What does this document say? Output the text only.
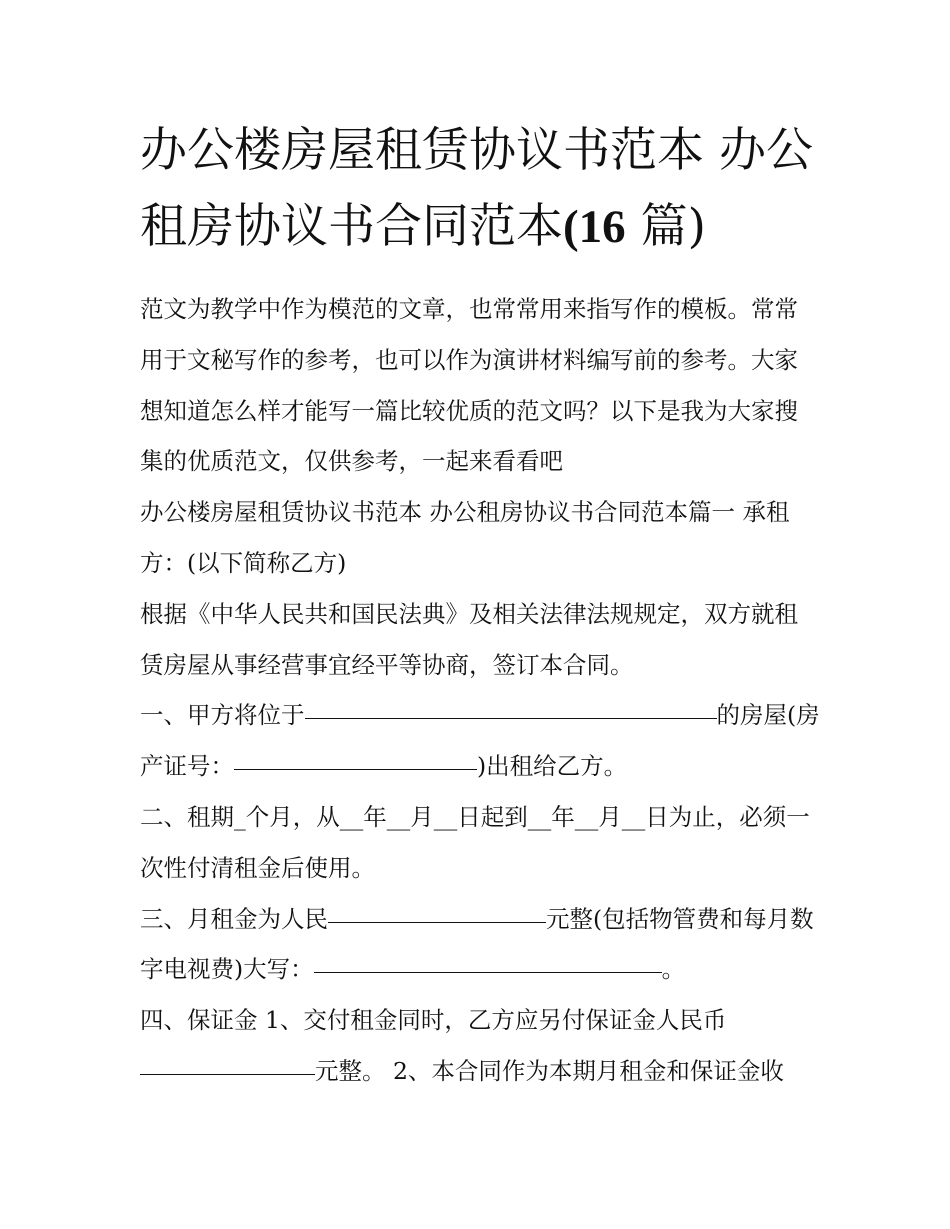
办公楼房屋租赁协议书范本 办公租房协议书合同范本(16 篇)

范文为教学中作为模范的文章，也常常用来指写作的模板。常常用于文秘写作的参考，也可以作为演讲材料编写前的参考。大家想知道怎么样才能写一篇比较优质的范文吗？以下是我为大家搜集的优质范文，仅供参考，一起来看看吧

办公楼房屋租赁协议书范本 办公租房协议书合同范本篇一 承租方：(以下简称乙方)

根据《中华人民共和国民法典》及相关法律法规规定，双方就租赁房屋从事经营事宜经平等协商，签订本合同。

一、甲方将位于	的房屋(房产证号：	)出租给乙方。

二、租期_个月，从__年__月__日起到__年__月__日为止，必须一次性付清租金后使用。

三、月租金为人民	元整(包括物管费和每月数字电视费)大写：	。

四、保证金 1、交付租金同时，乙方应另付保证金人民币元整。 2、本合同作为本期月租金和保证金收
